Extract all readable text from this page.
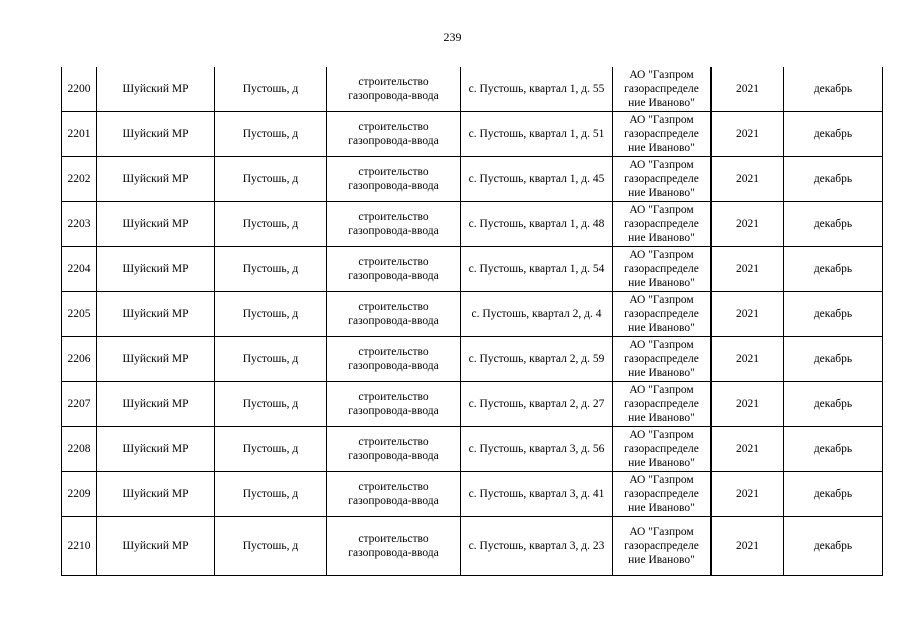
239
2200	Шуйский МР	Пустошь, д	строительство газопровода-ввода	с. Пустошь, квартал 1, д. 55	АО "Газпром газораспределе ние Иваново"	2021	декабрь
2201	Шуйский МР	Пустошь, д	строительство газопровода-ввода	с. Пустошь, квартал 1, д. 51	АО "Газпром газораспределе ние Иваново"	2021	декабрь
2202	Шуйский МР	Пустошь, д	строительство газопровода-ввода	с. Пустошь, квартал 1, д. 45	АО "Газпром газораспределе ние Иваново"	2021	декабрь
2203	Шуйский МР	Пустошь, д	строительство газопровода-ввода	с. Пустошь, квартал 1, д. 48	АО "Газпром газораспределе ние Иваново"	2021	декабрь
2204	Шуйский МР	Пустошь, д	строительство газопровода-ввода	с. Пустошь, квартал 1, д. 54	АО "Газпром газораспределе ние Иваново"	2021	декабрь
2205	Шуйский МР	Пустошь, д	строительство газопровода-ввода	с. Пустошь, квартал 2, д. 4	АО "Газпром газораспределе ние Иваново"	2021	декабрь
2206	Шуйский МР	Пустошь, д	строительство газопровода-ввода	с. Пустошь, квартал 2, д. 59	АО "Газпром газораспределе ние Иваново"	2021	декабрь
2207	Шуйский МР	Пустошь, д	строительство газопровода-ввода	с. Пустошь, квартал 2, д. 27	АО "Газпром газораспределе ние Иваново"	2021	декабрь
2208	Шуйский МР	Пустошь, д	строительство газопровода-ввода	с. Пустошь, квартал 3, д. 56	АО "Газпром газораспределе ние Иваново"	2021	декабрь
2209	Шуйский МР	Пустошь, д	строительство газопровода-ввода	с. Пустошь, квартал 3, д. 41	АО "Газпром газораспределе ние Иваново"	2021	декабрь
2210	Шуйский МР	Пустошь, д	строительство газопровода-ввода	с. Пустошь, квартал 3, д. 23	АО "Газпром газораспределе ние Иваново"	2021	декабрь
